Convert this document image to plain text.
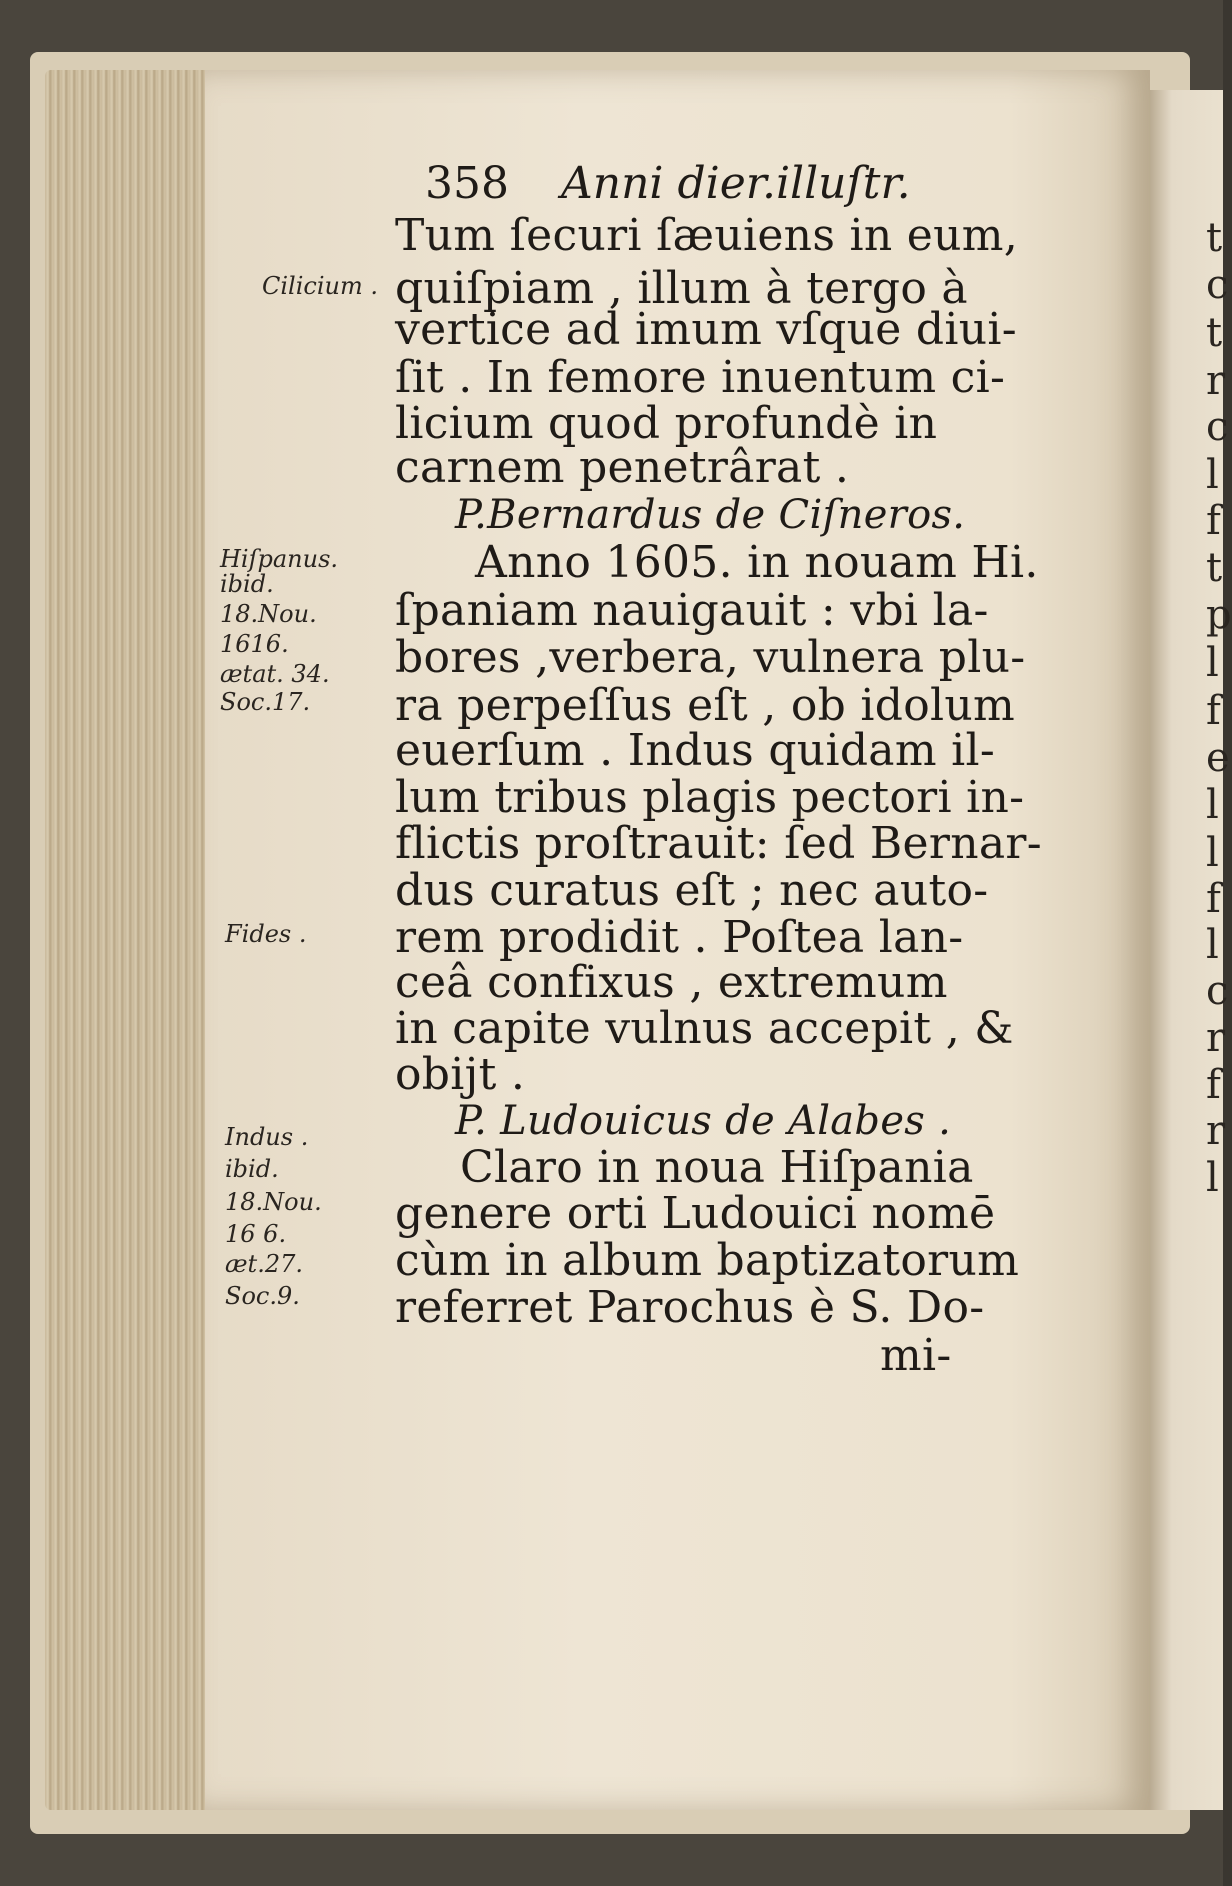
358 Anni dier.illuſtr.
Tum ſecuri ſæuiens in eum,
quiſpiam , illum à tergo à
vertice ad imum vſque diui-
ſit . In femore inuentum ci-
licium quod profundè in
carnem penetrârat .
P.Bernardus de Ciſneros.
Anno 1605. in nouam Hi.
ſpaniam nauigauit : vbi la-
bores ,verbera, vulnera plu-
ra perpeſſus eſt , ob idolum
euerſum . Indus quidam il-
lum tribus plagis pectori in-
flictis proſtrauit: ſed Bernar-
dus curatus eſt ; nec auto-
rem prodidit . Poſtea lan-
ceâ confixus , extremum
in capite vulnus accepit , &
obijt .
P. Ludouicus de Alabes .
Claro in noua Hiſpania
genere orti Ludouici nomē
cùm in album baptizatorum
referret Parochus è S. Do-
mi-
Cilicium .
Hiſpanus.
ibid.
18.Nou.
1616.
ætat. 34.
Soc.17.
Fides .
Indus .
ibid.
18.Nou.
16 6.
æt.27.
Soc.9.
t
c
t
r
c
l
f
t
p
l
f
e
l
l
f
l
c
r
f
r
l
